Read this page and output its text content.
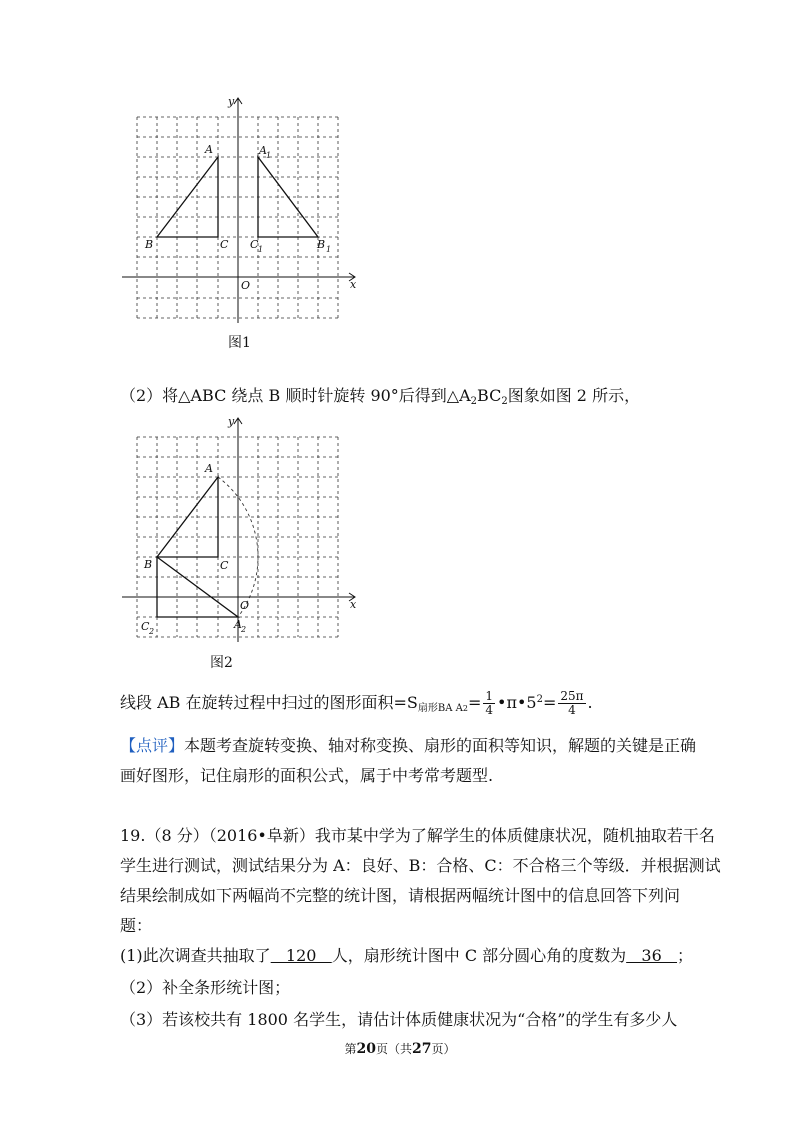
y
x
O
A
B	C
A 1
C 1	B 1
图1
（2）将△ABC 绕点 B 顺时针旋转 90°后得到$\triangle A_2BC_2$图象如图 2 所示，
y
x
O
A
B	C
C 2
A 2
图2
线段 AB 在旋转过程中扫过的图形面积$=S_{扇形BA A2}= \frac{1}{4}$ $•\pi•5^2= \frac{25\pi}{4}$ .
【点评】本题考查旋转变换、轴对称变换、扇形的面积等知识，解题的关键是正确
画好图形，记住扇形的面积公式，属于中考常考题型.
19.（8 分）（2016•阜新）我市某中学为了解学生的体质健康状况，随机抽取若干名
学生进行测试，测试结果分为 A：良好、B：合格、C：不合格三个等级．并根据测试
结果绘制成如下两幅尚不完整的统计图，请根据两幅统计图中的信息回答下列问
题：
(1)此次调查共抽取了   120   人，扇形统计图中 C 部分圆心角的度数为   36   ；
（2）补全条形统计图；
（3）若该校共有 1800 名学生，请估计体质健康状况为“合格”的学生有多少人
第20页（共27页）
